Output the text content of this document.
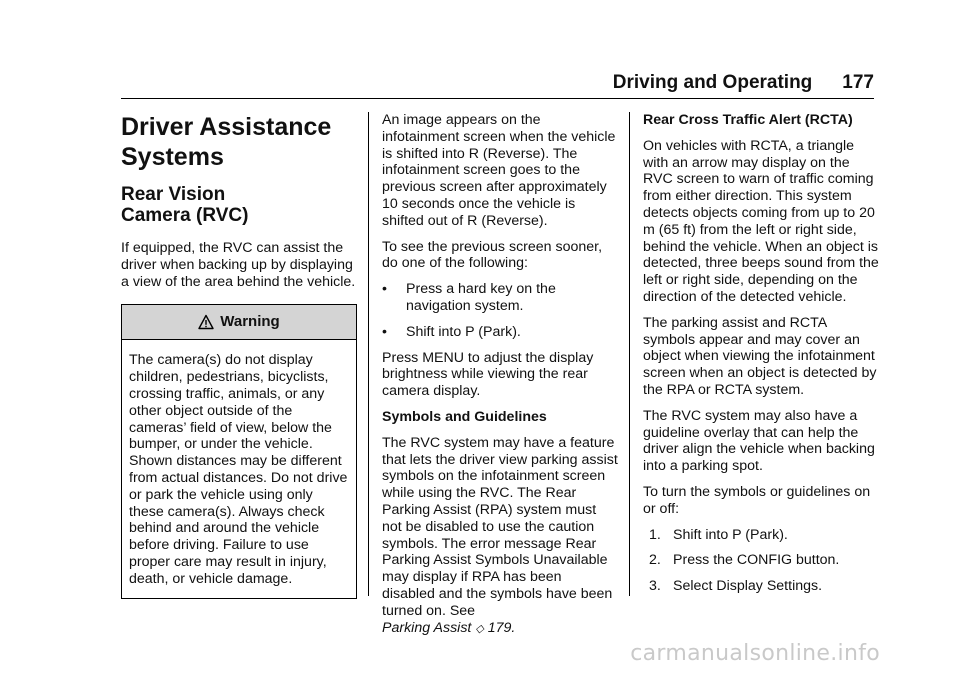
Driving and Operating 177
Driver Assistance
Systems
Rear Vision
Camera (RVC)

If equipped, the RVC can assist the driver when backing up by displaying a view of the area behind the vehicle.

Warning
The camera(s) do not display children, pedestrians, bicyclists, crossing traffic, animals, or any other object outside of the cameras’ field of view, below the bumper, or under the vehicle. Shown distances may be different from actual distances. Do not drive or park the vehicle using only these camera(s). Always check behind and around the vehicle before driving. Failure to use proper care may result in injury, death, or vehicle damage.

An image appears on the infotainment screen when the vehicle is shifted into R (Reverse). The infotainment screen goes to the previous screen after approximately 10 seconds once the vehicle is shifted out of R (Reverse).

To see the previous screen sooner, do one of the following:

•	Press a hard key on the navigation system.
•	Shift into P (Park).

Press MENU to adjust the display brightness while viewing the rear camera display.

Symbols and Guidelines

The RVC system may have a feature that lets the driver view parking assist symbols on the infotainment screen while using the RVC. The Rear Parking Assist (RPA) system must not be disabled to use the caution symbols. The error message Rear Parking Assist Symbols Unavailable may display if RPA has been disabled and the symbols have been turned on. See
Parking Assist ◇ 179.

Rear Cross Traffic Alert (RCTA)

On vehicles with RCTA, a triangle with an arrow may display on the RVC screen to warn of traffic coming from either direction. This system detects objects coming from up to 20 m (65 ft) from the left or right side, behind the vehicle. When an object is detected, three beeps sound from the left or right side, depending on the direction of the detected vehicle.

The parking assist and RCTA symbols appear and may cover an object when viewing the infotainment screen when an object is detected by the RPA or RCTA system.

The RVC system may also have a guideline overlay that can help the driver align the vehicle when backing into a parking spot.

To turn the symbols or guidelines on or off:

1. Shift into P (Park).
2. Press the CONFIG button.
3. Select Display Settings.
carmanualsonline.info
